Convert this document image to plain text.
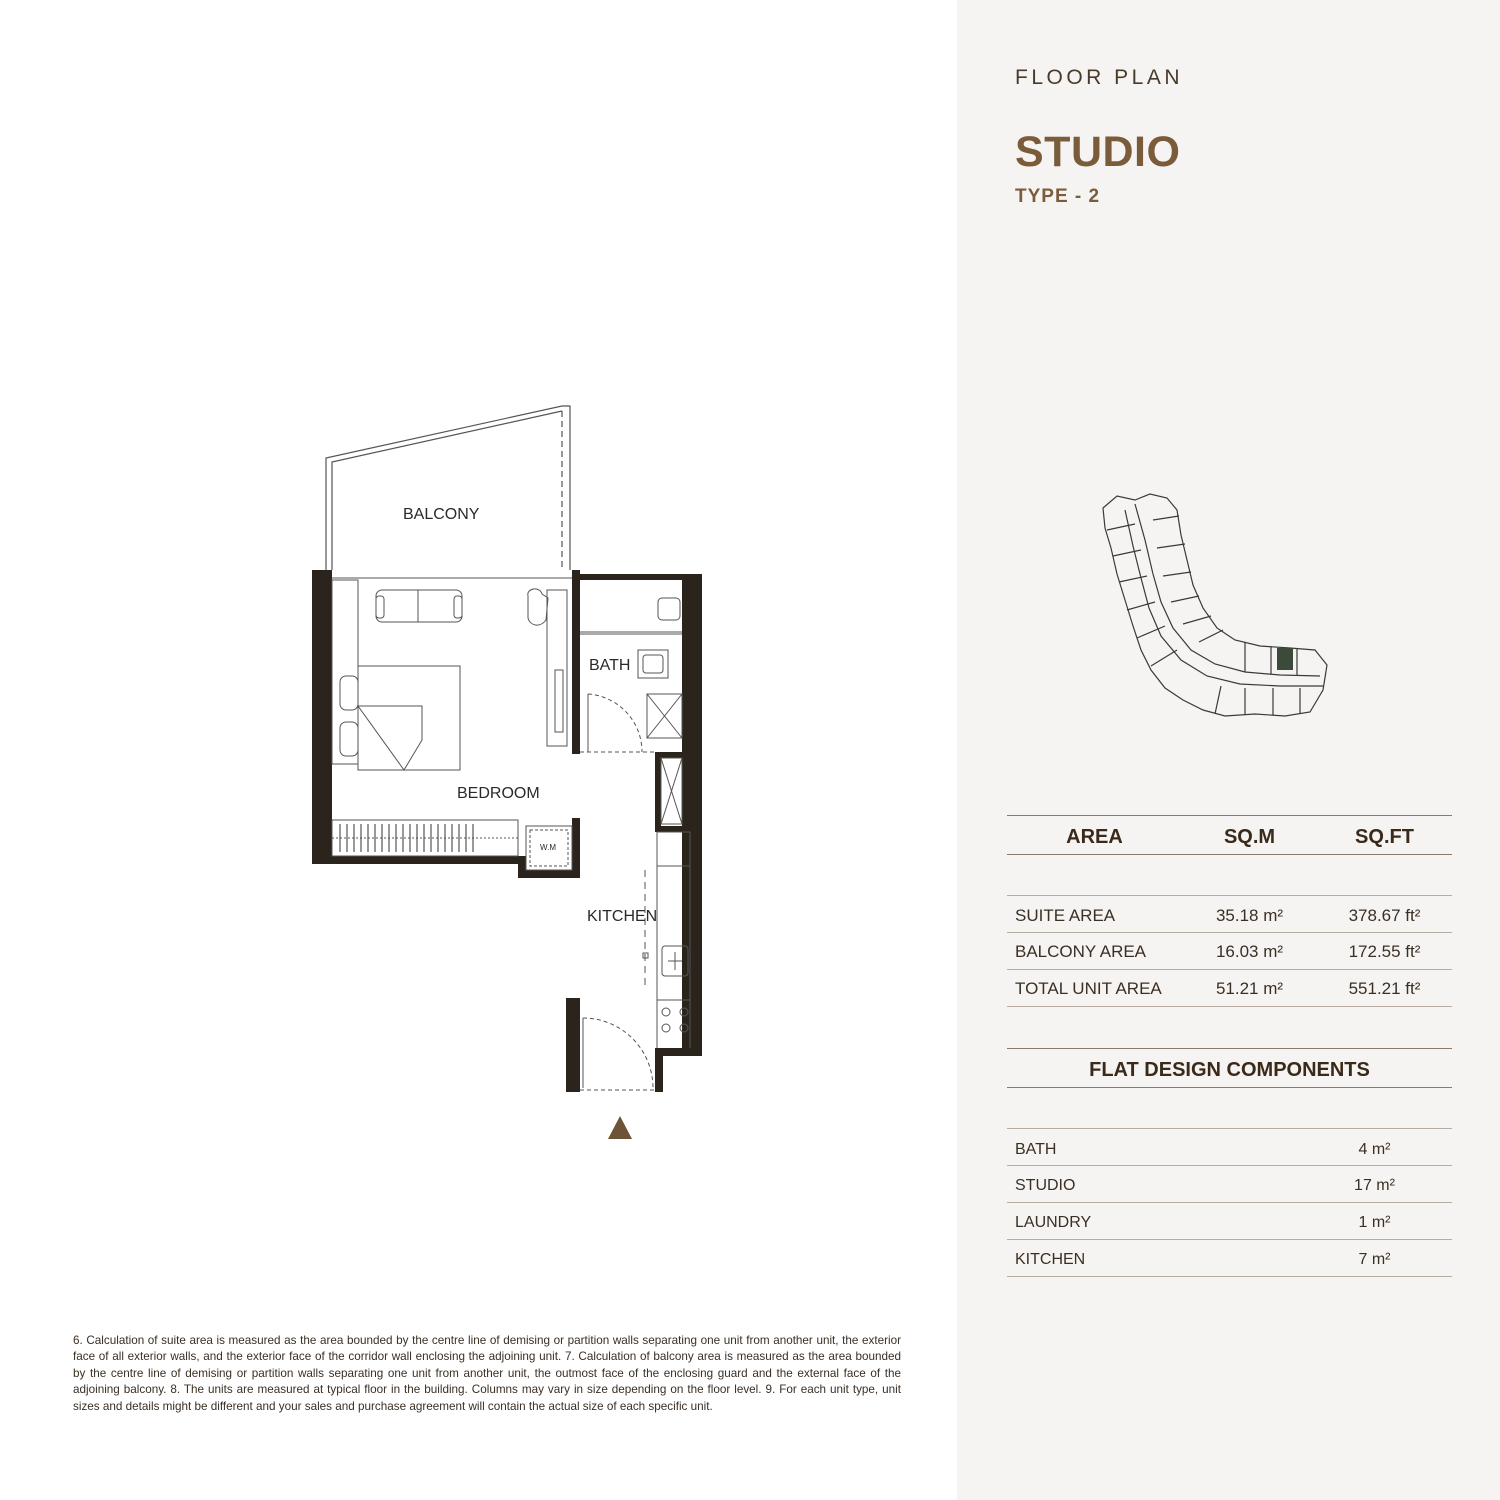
FLOOR PLAN
STUDIO
TYPE - 2
AREA	SQ.M	SQ.FT
SUITE AREA	35.18 m²	378.67 ft²
BALCONY AREA	16.03 m²	172.55 ft²
TOTAL UNIT AREA	51.21 m²	551.21 ft²
FLAT DESIGN COMPONENTS
BATH	4 m²
STUDIO	17 m²
LAUNDRY	1 m²
KITCHEN	7 m²
BALCONY
BATH
BEDROOM
KITCHEN
W.M
6. Calculation of suite area is measured as the area bounded by the centre line of demising or partition walls separating one unit from another unit, the exterior face of all exterior walls, and the exterior face of the corridor wall enclosing the adjoining unit. 7. Calculation of balcony area is measured as the area bounded by the centre line of demising or partition walls separating one unit from another unit, the outmost face of the enclosing guard and the external face of the adjoining balcony. 8. The units are measured at typical floor in the building. Columns may vary in size depending on the floor level. 9. For each unit type, unit sizes and details might be different and your sales and purchase agreement will contain the actual size of each specific unit.
